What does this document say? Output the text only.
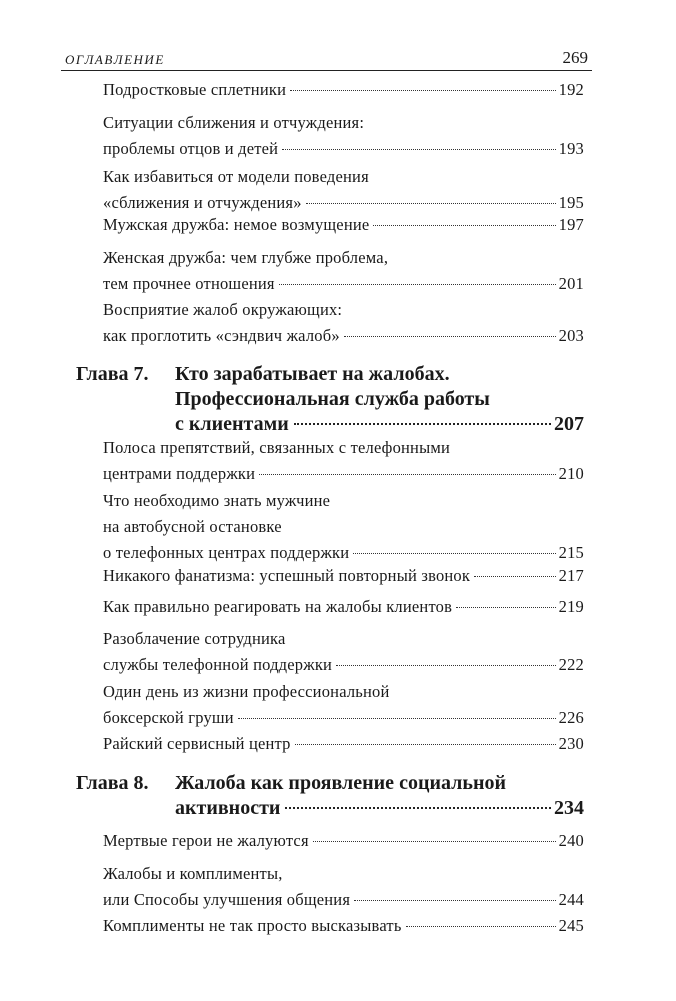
ОГЛАВЛЕНИЕ	269
Подростковые сплетники	192
Ситуации сближения и отчуждения:
проблемы отцов и детей	193
Как избавиться от модели поведения
«сближения и отчуждения»	195
Мужская дружба: немое возмущение	197
Женская дружба: чем глубже проблема,
тем прочнее отношения	201
Восприятие жалоб окружающих:
как проглотить «сэндвич жалоб»	203
Глава 7. Кто зарабатывает на жалобах.
Профессиональная служба работы
с клиентами	207
Полоса препятствий, связанных с телефонными
центрами поддержки	210
Что необходимо знать мужчине
на автобусной остановке
о телефонных центрах поддержки	215
Никакого фанатизма: успешный повторный звонок	217
Как правильно реагировать на жалобы клиентов	219
Разоблачение сотрудника
службы телефонной поддержки	222
Один день из жизни профессиональной
боксерской груши	226
Райский сервисный центр	230
Глава 8. Жалоба как проявление социальной
активности	234
Мертвые герои не жалуются	240
Жалобы и комплименты,
или Способы улучшения общения	244
Комплименты не так просто высказывать	245
